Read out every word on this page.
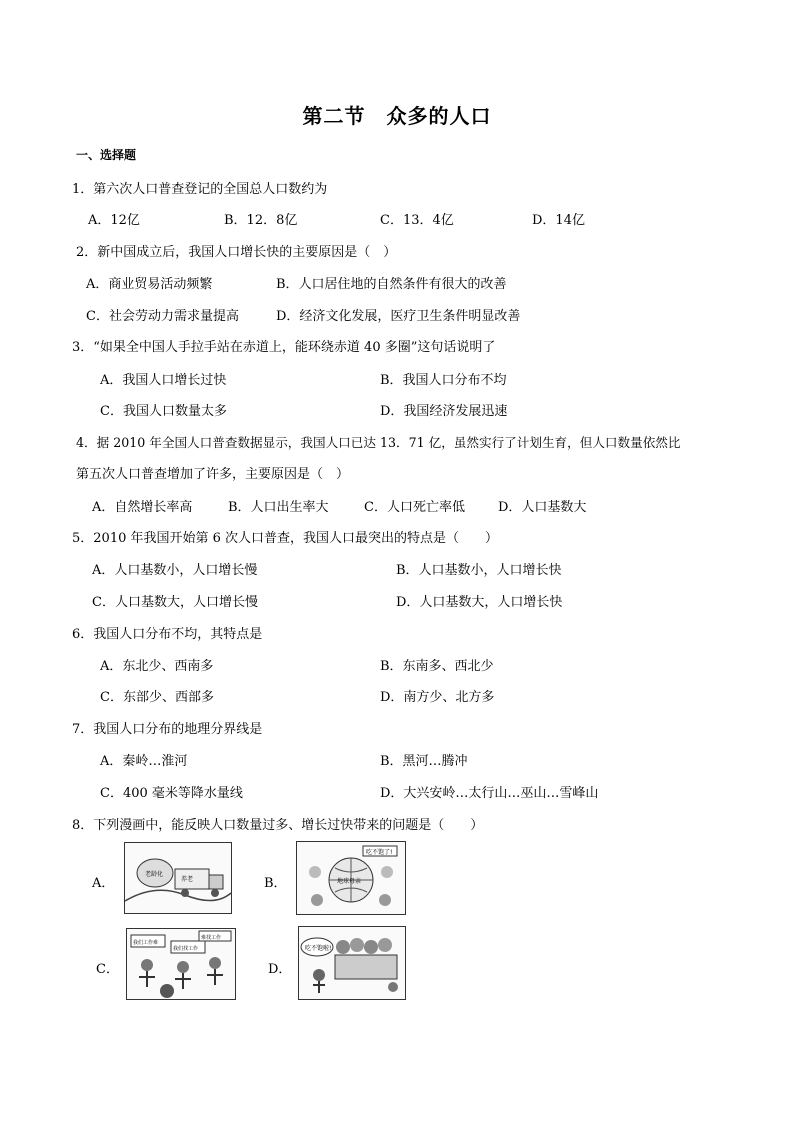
第二节　众多的人口
一、选择题
1．第六次人口普查登记的全国总人口数约为
A．12亿	B．12．8亿	C．13．4亿	D．14亿
2．新中国成立后，我国人口增长快的主要原因是（　）
A．商业贸易活动频繁	B．人口居住地的自然条件有很大的改善
C．社会劳动力需求量提高	D．经济文化发展，医疗卫生条件明显改善
3．“如果全中国人手拉手站在赤道上，能环绕赤道 40 多圈”这句话说明了
A．我国人口增长过快	B．我国人口分布不均
C．我国人口数量太多	D．我国经济发展迅速
4．据 2010 年全国人口普查数据显示，我国人口已达 13．71 亿，虽然实行了计划生育，但人口数量依然比
第五次人口普查增加了许多，主要原因是（　）
A．自然增长率高	B．人口出生率大	C．人口死亡率低	D．人口基数大
5．2010 年我国开始第 6 次人口普查，我国人口最突出的特点是（　　）
A．人口基数小，人口增长慢	B．人口基数小，人口增长快
C．人口基数大，人口增长慢	D．人口基数大，人口增长快
6．我国人口分布不均，其特点是
A．东北少、西南多	B．东南多、西北少
C．东部少、西部多	D．南方少、北方多
7．我国人口分布的地理分界线是
A．秦岭…淮河	B．黑河…腾冲
C．400 毫米等降水量线	D．大兴安岭…太行山…巫山…雪峰山
8．下列漫画中，能反映人口数量过多、增长过快带来的问题是（　　）
A．
老龄化
养老	B．
吃不饱了!
地球母亲
C．
我们工作难
我们找工作
难找工作
D．
吃不饱啦!
